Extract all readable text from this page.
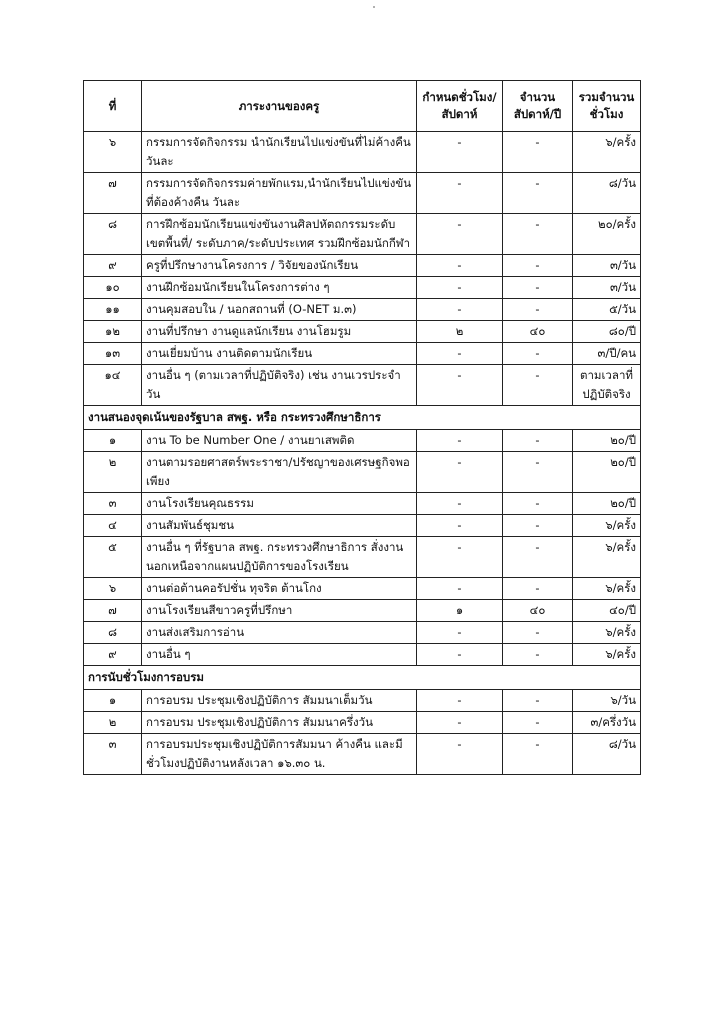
ที่	ภาระงานของครู	กำหนดชั่วโมง/สัปดาห์	จำนวนสัปดาห์/ปี	รวมจำนวนชั่วโมง
๖	กรรมการจัดกิจกรรม นำนักเรียนไปแข่งขันที่ไม่ค้างคืน วันละ	-	-	๖/ครั้ง
๗	กรรมการจัดกิจกรรมค่ายพักแรม,นำนักเรียนไปแข่งขันที่ต้องค้างคืน วันละ	-	-	๘/วัน
๘	การฝึกซ้อมนักเรียนแข่งขันงานศิลปหัตถกรรมระดับเขตพื้นที่/ ระดับภาค/ระดับประเทศ รวมฝึกซ้อมนักกีฬา	-	-	๒๐/ครั้ง
๙	ครูที่ปรึกษางานโครงการ / วิจัยของนักเรียน	-	-	๓/วัน
๑๐	งานฝึกซ้อมนักเรียนในโครงการต่าง ๆ	-	-	๓/วัน
๑๑	งานคุมสอบใน / นอกสถานที่ (O-NET ม.๓)	-	-	๕/วัน
๑๒	งานที่ปรึกษา งานดูแลนักเรียน งานโฮมรูม	๒	๔๐	๘๐/ปี
๑๓	งานเยี่ยมบ้าน งานติดตามนักเรียน	-	-	๓/ปี/คน
๑๔	งานอื่น ๆ (ตามเวลาที่ปฏิบัติจริง) เช่น งานเวรประจำวัน	-	-	ตามเวลาที่ปฏิบัติจริง
งานสนองจุดเน้นของรัฐบาล สพฐ. หรือ กระทรวงศึกษาธิการ				
๑	งาน To be Number One / งานยาเสพติด	-	-	๒๐/ปี
๒	งานตามรอยศาสตร์พระราชา/ปรัชญาของเศรษฐกิจพอเพียง	-	-	๒๐/ปี
๓	งานโรงเรียนคุณธรรม	-	-	๒๐/ปี
๔	งานสัมพันธ์ชุมชน	-	-	๖/ครั้ง
๕	งานอื่น ๆ ที่รัฐบาล สพฐ. กระทรวงศึกษาธิการ สั่งงานนอกเหนือจากแผนปฏิบัติการของโรงเรียน	-	-	๖/ครั้ง
๖	งานต่อต้านคอรัปชั่น ทุจริต ต้านโกง	-	-	๖/ครั้ง
๗	งานโรงเรียนสีขาวครูที่ปรึกษา	๑	๔๐	๔๐/ปี
๘	งานส่งเสริมการอ่าน	-	-	๖/ครั้ง
๙	งานอื่น ๆ	-	-	๖/ครั้ง
การนับชั่วโมงการอบรม				
๑	การอบรม ประชุมเชิงปฏิบัติการ สัมมนาเต็มวัน	-	-	๖/วัน
๒	การอบรม ประชุมเชิงปฏิบัติการ สัมมนาครึ่งวัน	-	-	๓/ครึ่งวัน
๓	การอบรมประชุมเชิงปฏิบัติการสัมมนา ค้างคืน และมีชั่วโมงปฏิบัติงานหลังเวลา ๑๖.๓๐ น.	-	-	๘/วัน
